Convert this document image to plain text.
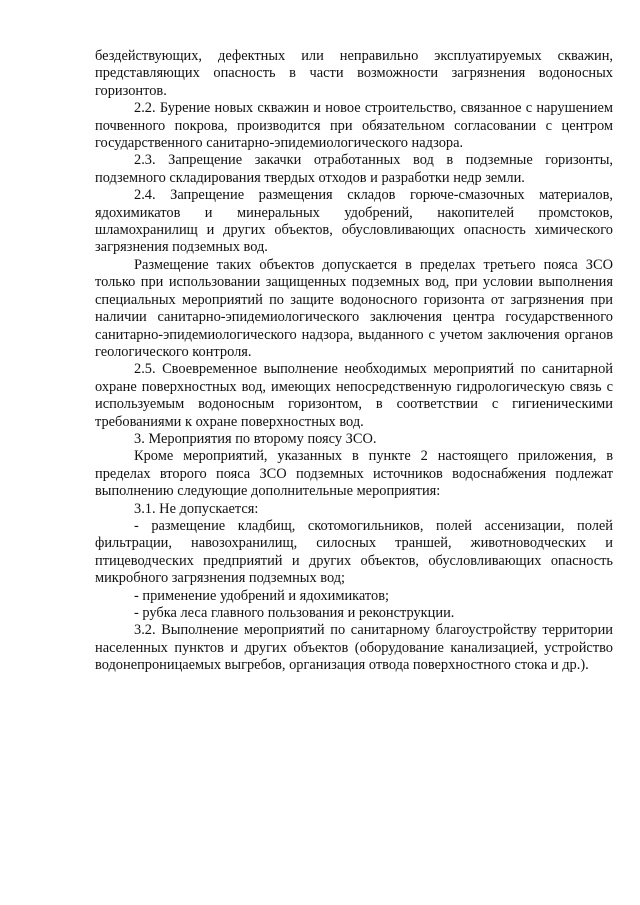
бездействующих, дефектных или неправильно эксплуатируемых скважин, представляющих опасность в части возможности загрязнения водоносных горизонтов.

2.2. Бурение новых скважин и новое строительство, связанное с нарушением почвенного покрова, производится при обязательном согласовании с центром государственного санитарно-эпидемиологического надзора.

2.3. Запрещение закачки отработанных вод в подземные горизонты, подземного складирования твердых отходов и разработки недр земли.

2.4. Запрещение размещения складов горюче-смазочных материалов, ядохимикатов и минеральных удобрений, накопителей промстоков, шламохранилищ и других объектов, обусловливающих опасность химического загрязнения подземных вод.

Размещение таких объектов допускается в пределах третьего пояса ЗСО только при использовании защищенных подземных вод, при условии выполнения специальных мероприятий по защите водоносного горизонта от загрязнения при наличии санитарно-эпидемиологического заключения центра государственного санитарно-эпидемиологического надзора, выданного с учетом заключения органов геологического контроля.

2.5. Своевременное выполнение необходимых мероприятий по санитарной охране поверхностных вод, имеющих непосредственную гидрологическую связь с используемым водоносным горизонтом, в соответствии с гигиеническими требованиями к охране поверхностных вод.

3. Мероприятия по второму поясу ЗСО.

Кроме мероприятий, указанных в пункте 2 настоящего приложения, в пределах второго пояса ЗСО подземных источников водоснабжения подлежат выполнению следующие дополнительные мероприятия:

3.1. Не допускается:

- размещение кладбищ, скотомогильников, полей ассенизации, полей фильтрации, навозохранилищ, силосных траншей, животноводческих и птицеводческих предприятий и других объектов, обусловливающих опасность микробного загрязнения подземных вод;

- применение удобрений и ядохимикатов;

- рубка леса главного пользования и реконструкции.

3.2. Выполнение мероприятий по санитарному благоустройству территории населенных пунктов и других объектов (оборудование канализацией, устройство водонепроницаемых выгребов, организация отвода поверхностного стока и др.).
